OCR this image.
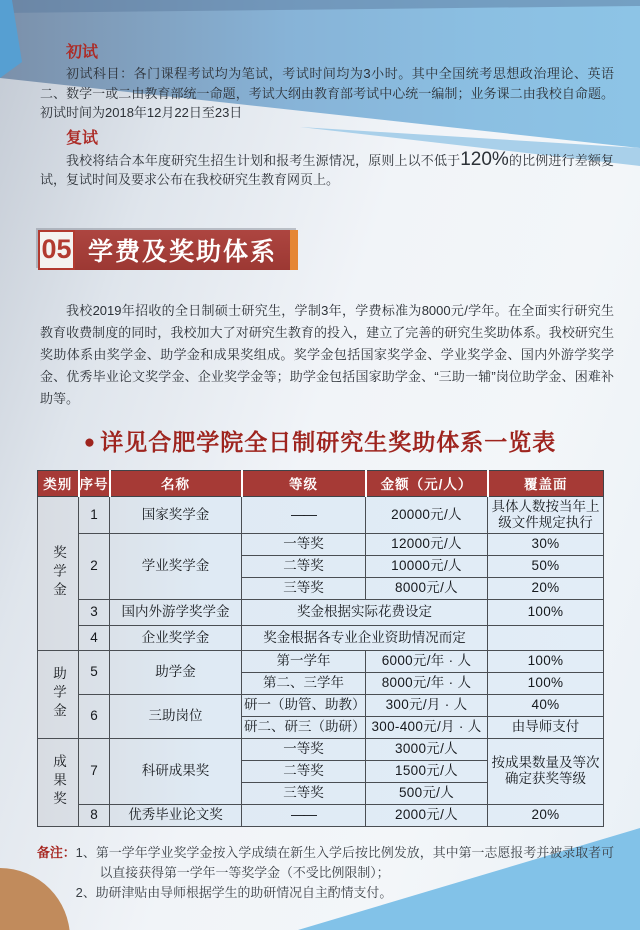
初试

初试科目：各门课程考试均为笔试，考试时间均为3小时。其中全国统考思想政治理论、英语二、数学一或二由教育部统一命题，考试大纲由教育部考试中心统一编制；业务课二由我校自命题。初试时间为2018年12月22日至23日

复试

我校将结合本年度研究生招生计划和报考生源情况，原则上以不低于120%的比例进行差额复试，复试时间及要求公布在我校研究生教育网页上。

05 学费及奖助体系

我校2019年招收的全日制硕士研究生，学制3年，学费标准为8000元/学年。在全面实行研究生教育收费制度的同时，我校加大了对研究生教育的投入，建立了完善的研究生奖助体系。我校研究生奖助体系由奖学金、助学金和成果奖组成。奖学金包括国家奖学金、学业奖学金、国内外游学奖学金、优秀毕业论文奖学金、企业奖学金等；助学金包括国家助学金、“三助一辅”岗位助学金、困难补助等。

● 详见合肥学院全日制研究生奖助体系一览表
类别	序号	名称	等级	金额（元/人）	覆盖面
奖学金	1	国家奖学金	——	20000元/人	具体人数按当年上级文件规定执行
	2	学业奖学金	一等奖	12000元/人	30%
			二等奖	10000元/人	50%
			三等奖	8000元/人	20%
	3	国内外游学奖学金	奖金根据实际花费设定		100%
	4	企业奖学金	奖金根据各专业企业资助情况而定		
助学金	5	助学金	第一学年	6000元/年 · 人	100%
			第二、三学年	8000元/年 · 人	100%
	6	三助岗位	研一（助管、助教）	300元/月 · 人	40%
			研二、研三（助研）	300-400元/月 · 人	由导师支付
成果奖	7	科研成果奖	一等奖	3000元/人	按成果数量及等次确定获奖等级
			二等奖	1500元/人	
			三等奖	500元/人	
	8	优秀毕业论文奖	——	2000元/人	20%
备注： 1、第一学年学业奖学金按入学成绩在新生入学后按比例发放，其中第一志愿报考并被录取者可以直接获得第一学年一等奖学金（不受比例限制）；
2、助研津贴由导师根据学生的助研情况自主酌情支付。
